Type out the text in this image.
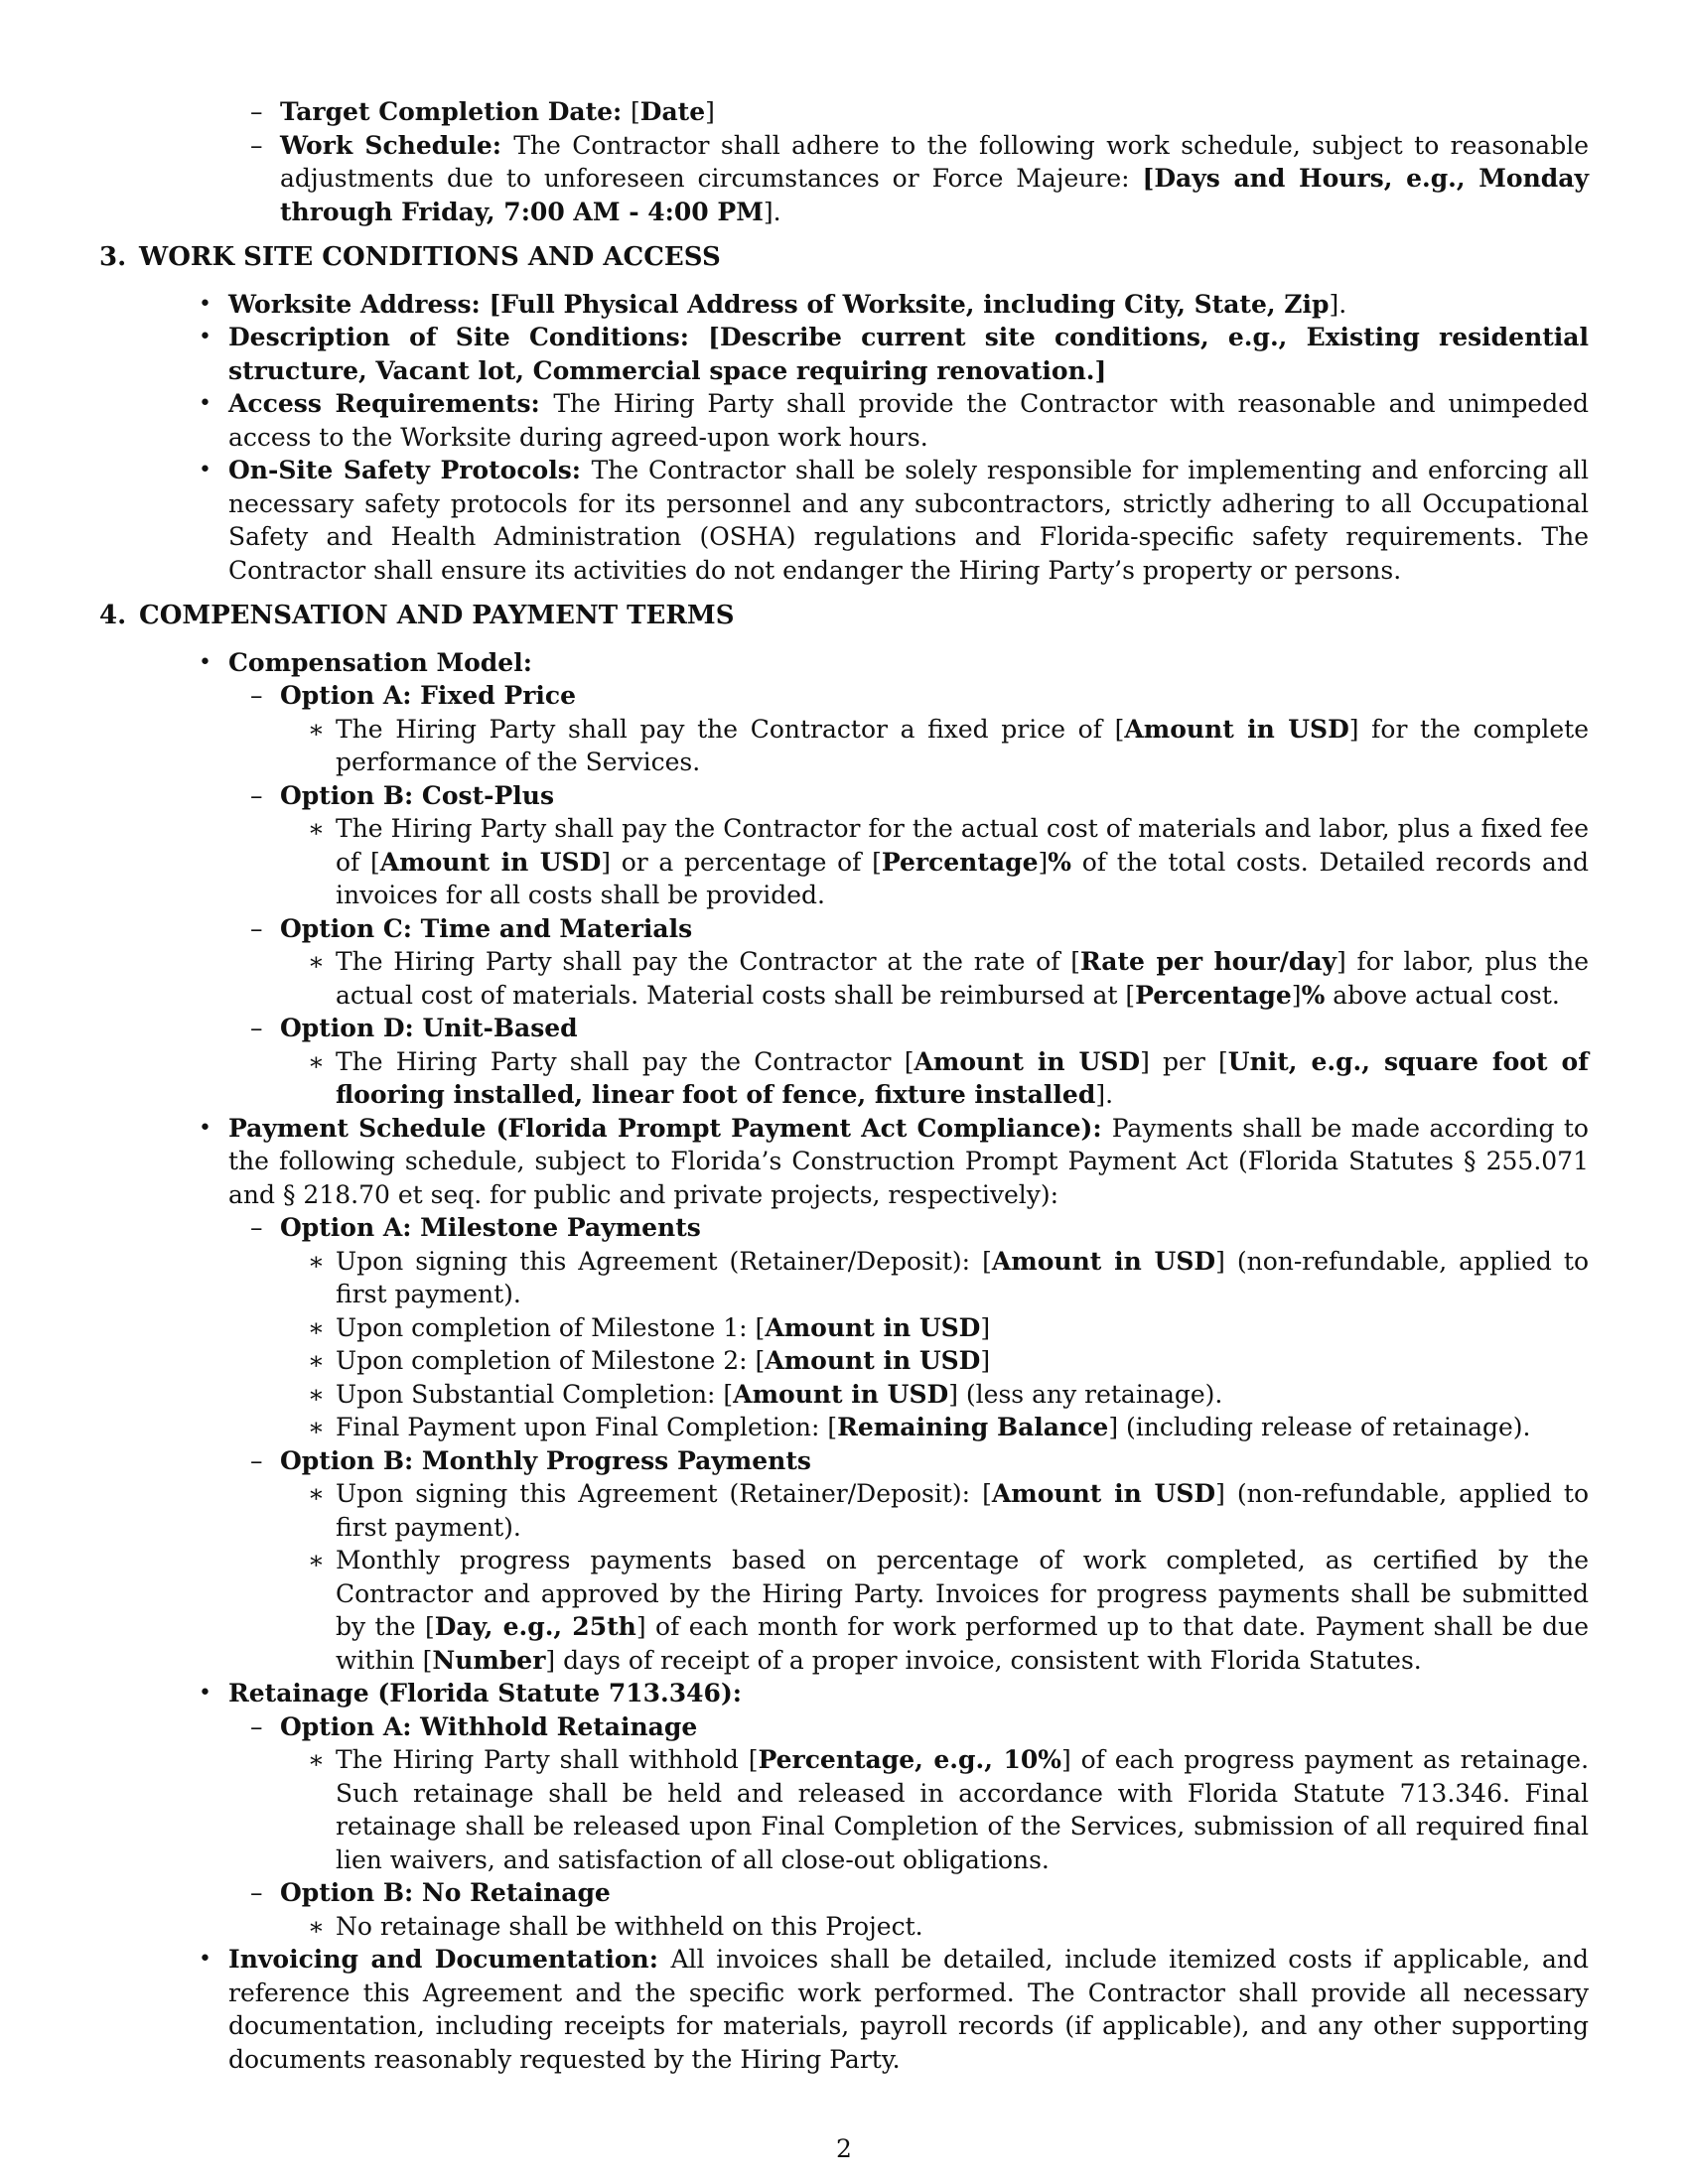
– Target Completion Date: [Date]
– Work Schedule: The Contractor shall adhere to the following work schedule, subject to reasonable adjustments due to unforeseen circumstances or Force Majeure: [Days and Hours, e.g., Monday through Friday, 7:00 AM - 4:00 PM].
3. WORK SITE CONDITIONS AND ACCESS
• Worksite Address: [Full Physical Address of Worksite, including City, State, Zip].
• Description of Site Conditions: [Describe current site conditions, e.g., Existing residential structure, Vacant lot, Commercial space requiring renovation.]
• Access Requirements: The Hiring Party shall provide the Contractor with reasonable and unimpeded access to the Worksite during agreed-upon work hours.
• On-Site Safety Protocols: The Contractor shall be solely responsible for implementing and enforcing all necessary safety protocols for its personnel and any subcontractors, strictly adhering to all Occupational Safety and Health Administration (OSHA) regulations and Florida-specific safety requirements. The Contractor shall ensure its activities do not endanger the Hiring Party’s property or persons.
4. COMPENSATION AND PAYMENT TERMS
• Compensation Model:
– Option A: Fixed Price
∗ The Hiring Party shall pay the Contractor a fixed price of [Amount in USD] for the complete performance of the Services.
– Option B: Cost-Plus
∗ The Hiring Party shall pay the Contractor for the actual cost of materials and labor, plus a fixed fee of [Amount in USD] or a percentage of [Percentage]% of the total costs. Detailed records and invoices for all costs shall be provided.
– Option C: Time and Materials
∗ The Hiring Party shall pay the Contractor at the rate of [Rate per hour/day] for labor, plus the actual cost of materials. Material costs shall be reimbursed at [Percentage]% above actual cost.
– Option D: Unit-Based
∗ The Hiring Party shall pay the Contractor [Amount in USD] per [Unit, e.g., square foot of flooring installed, linear foot of fence, fixture installed].
• Payment Schedule (Florida Prompt Payment Act Compliance): Payments shall be made according to the following schedule, subject to Florida’s Construction Prompt Payment Act (Florida Statutes § 255.071 and § 218.70 et seq. for public and private projects, respectively):
– Option A: Milestone Payments
∗ Upon signing this Agreement (Retainer/Deposit): [Amount in USD] (non-refundable, applied to first payment).
∗ Upon completion of Milestone 1: [Amount in USD]
∗ Upon completion of Milestone 2: [Amount in USD]
∗ Upon Substantial Completion: [Amount in USD] (less any retainage).
∗ Final Payment upon Final Completion: [Remaining Balance] (including release of retainage).
– Option B: Monthly Progress Payments
∗ Upon signing this Agreement (Retainer/Deposit): [Amount in USD] (non-refundable, applied to first payment).
∗ Monthly progress payments based on percentage of work completed, as certified by the Contractor and approved by the Hiring Party. Invoices for progress payments shall be submitted by the [Day, e.g., 25th] of each month for work performed up to that date. Payment shall be due within [Number] days of receipt of a proper invoice, consistent with Florida Statutes.
• Retainage (Florida Statute 713.346):
– Option A: Withhold Retainage
∗ The Hiring Party shall withhold [Percentage, e.g., 10%] of each progress payment as retainage. Such retainage shall be held and released in accordance with Florida Statute 713.346. Final retainage shall be released upon Final Completion of the Services, submission of all required final lien waivers, and satisfaction of all close-out obligations.
– Option B: No Retainage
∗ No retainage shall be withheld on this Project.
• Invoicing and Documentation: All invoices shall be detailed, include itemized costs if applicable, and reference this Agreement and the specific work performed. The Contractor shall provide all necessary documentation, including receipts for materials, payroll records (if applicable), and any other supporting documents reasonably requested by the Hiring Party.
2
